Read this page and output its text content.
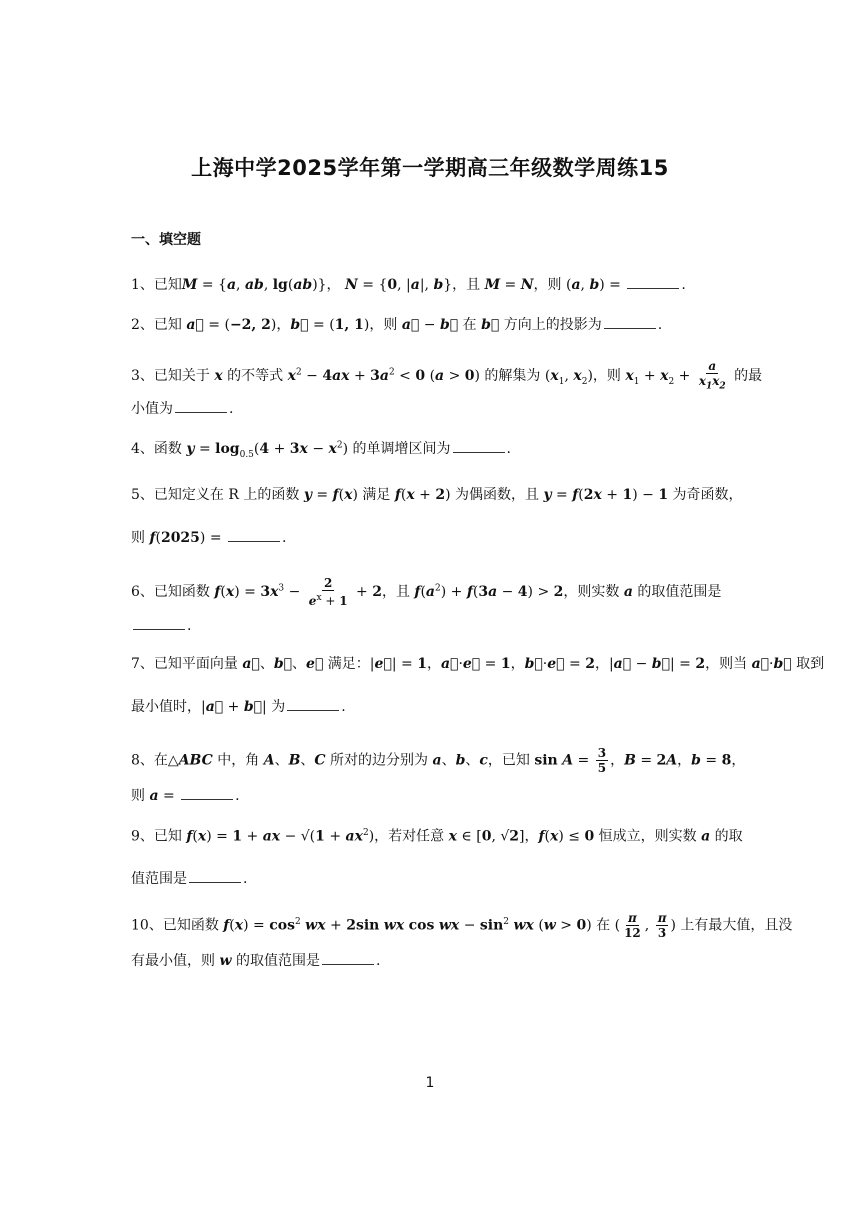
上海中学2025学年第一学期高三年级数学周练15
一、填空题
1、已知M = {a, ab, lg(ab)}， N = {0, |a|, b}，且 M = N，则 (a, b) =	.
2、已知 a⃗ = (−2, 2)，b⃗ = (1, 1)，则 a⃗ − b⃗ 在 b⃗ 方向上的投影为	.
3、已知关于 x 的不等式 $x^2 - 4ax + 3a^2 < 0$ (a > 0) 的解集为 ($x_1$, $x_2$)，则 $x_1 + x_2 + \frac{a}{x_1x_2}$ 的最
小值为	.
4、函数 $y = \log_{0.5}(4 + 3x - x^2)$ 的单调增区间为	.
5、已知定义在 R 上的函数 y = f(x) 满足 f(x + 2) 为偶函数，且 y = f(2x + 1) − 1 为奇函数，
则 f(2025) =	.
6、已知函数 $f(x) = 3x^3 - \frac{2}{e^x + 1} + 2$，且 $f(a^2) + f(3a - 4) > 2$，则实数 a 的取值范围是
.
7、已知平面向量 a⃗、b⃗、e⃗ 满足：|e⃗| = 1，a⃗·e⃗ = 1，b⃗·e⃗ = 2，|a⃗ − b⃗| = 2，则当 a⃗·b⃗ 取到
最小值时，|a⃗ + b⃗| 为	.
8、在△ABC 中，角 A、B、C 所对的边分别为 a、b、c，已知 $\sin A = \frac{3}{5}$ ，B = 2A，b = 8，
则 a =	.
9、已知 f(x) = 1 + ax − $√(1 + ax^2)$，若对任意 x ∈ [0, √2]，f(x) ≤ 0 恒成立，则实数 a 的取
值范围是	.
10、已知函数 $f(x) = \cos^2$ wx + 2sin wx cos wx − $\sin^2$ wx (w > 0) 在 ( $\frac{\pi}{12}$ , $\frac{\pi}{3}$ ) 上有最大值，且没
有最小值，则 w 的取值范围是	.
1
